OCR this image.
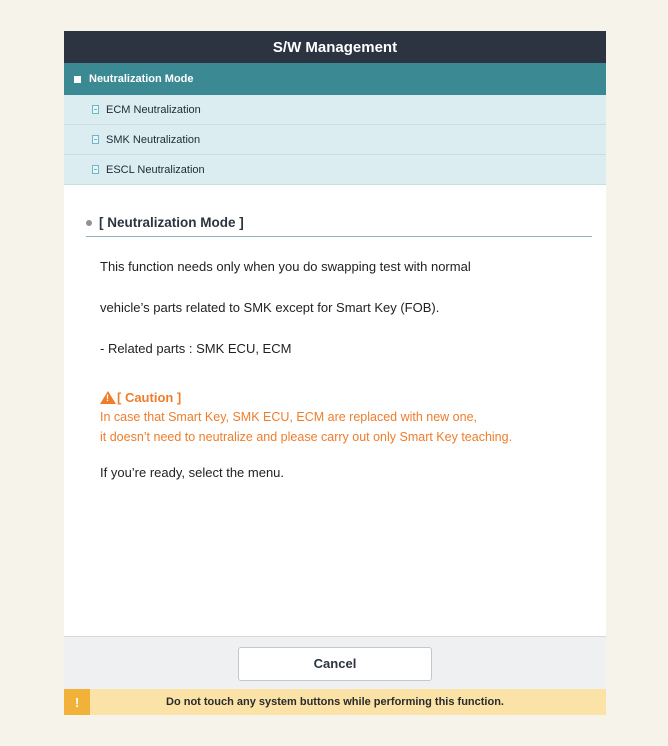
S/W Management
Neutralization Mode
ECM Neutralization
SMK Neutralization
ESCL Neutralization
[ Neutralization Mode ]
This function needs only when you do swapping test with normal
vehicle’s parts related to SMK except for Smart Key (FOB).
- Related parts : SMK ECU, ECM
!
[ Caution ]
In case that Smart Key, SMK ECU, ECM are replaced with new one,
it doesn’t need to neutralize and please carry out only Smart Key teaching.
If you’re ready, select the menu.
Cancel
!	Do not touch any system buttons while performing this function.
